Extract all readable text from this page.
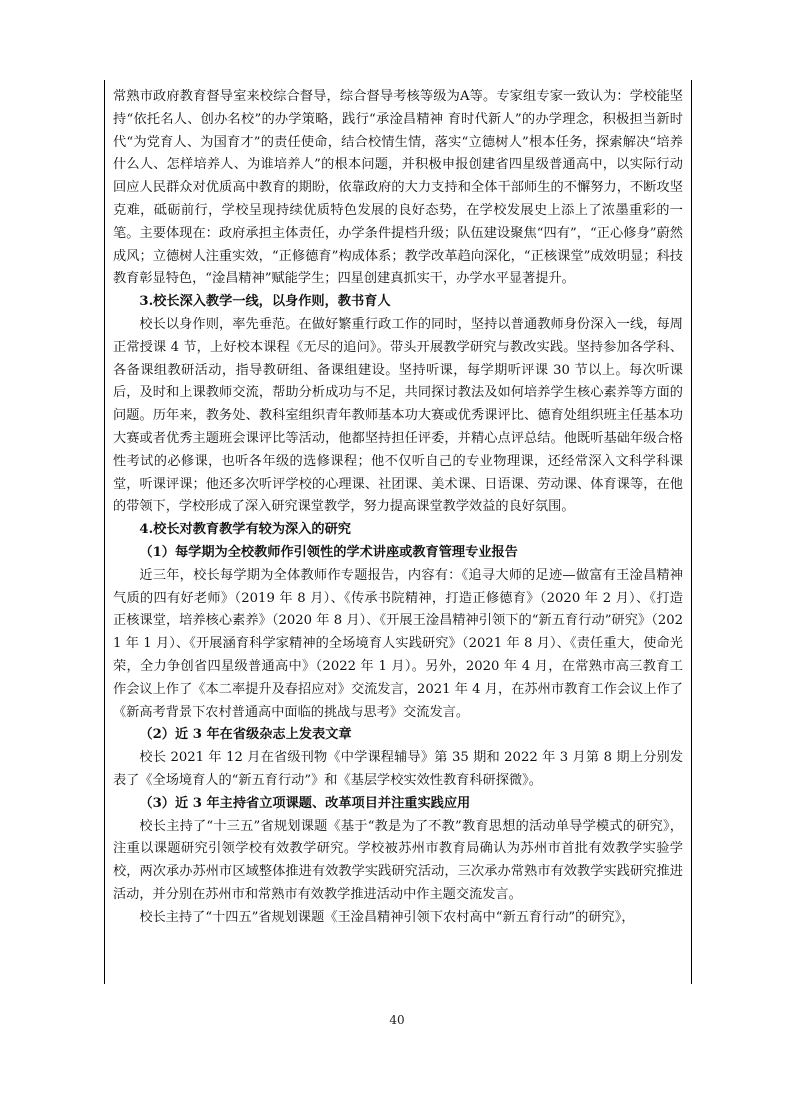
常熟市政府教育督导室来校综合督导，综合督导考核等级为A等。专家组专家一致认为：学校能坚持“依托名人、创办名校”的办学策略，践行“承淦昌精神 育时代新人”的办学理念，积极担当新时代“为党育人、为国育才”的责任使命，结合校情生情，落实“立德树人”根本任务，探索解决“培养什么人、怎样培养人、为谁培养人”的根本问题，并积极申报创建省四星级普通高中，以实际行动回应人民群众对优质高中教育的期盼，依靠政府的大力支持和全体干部师生的不懈努力，不断攻坚克难，砥砺前行，学校呈现持续优质特色发展的良好态势，在学校发展史上添上了浓墨重彩的一笔。主要体现在：政府承担主体责任，办学条件提档升级；队伍建设聚焦“四有”，“正心修身”蔚然成风；立德树人注重实效，“正修德育”构成体系；教学改革趋向深化，“正核课堂”成效明显；科技教育彰显特色，“淦昌精神”赋能学生；四星创建真抓实干，办学水平显著提升。

3.校长深入教学一线，以身作则，教书育人

校长以身作则，率先垂范。在做好繁重行政工作的同时，坚持以普通教师身份深入一线，每周正常授课 4 节，上好校本课程《无尽的追问》。带头开展教学研究与教改实践。坚持参加各学科、各备课组教研活动，指导教研组、备课组建设。坚持听课，每学期听评课 30 节以上。每次听课后，及时和上课教师交流，帮助分析成功与不足，共同探讨教法及如何培养学生核心素养等方面的问题。历年来，教务处、教科室组织青年教师基本功大赛或优秀课评比、德育处组织班主任基本功大赛或者优秀主题班会课评比等活动，他都坚持担任评委，并精心点评总结。他既听基础年级合格性考试的必修课，也听各年级的选修课程；他不仅听自己的专业物理课，还经常深入文科学科课堂，听课评课；他还多次听评学校的心理课、社团课、美术课、日语课、劳动课、体育课等，在他的带领下，学校形成了深入研究课堂教学，努力提高课堂教学效益的良好氛围。

4.校长对教育教学有较为深入的研究

（1）每学期为全校教师作引领性的学术讲座或教育管理专业报告

近三年，校长每学期为全体教师作专题报告，内容有：《追寻大师的足迹—做富有王淦昌精神气质的四有好老师》（2019 年 8 月）、《传承书院精神，打造正修德育》（2020 年 2 月）、《打造正核课堂，培养核心素养》（2020 年 8 月）、《开展王淦昌精神引领下的“新五育行动”研究》（2021 年 1 月）、《开展涵育科学家精神的全场境育人实践研究》（2021 年 8 月）、《责任重大，使命光荣，全力争创省四星级普通高中》（2022 年 1 月）。另外，2020 年 4 月，在常熟市高三教育工作会议上作了《本二率提升及春招应对》交流发言，2021 年 4 月，在苏州市教育工作会议上作了《新高考背景下农村普通高中面临的挑战与思考》交流发言。

（2）近 3 年在省级杂志上发表文章

校长 2021 年 12 月在省级刊物《中学课程辅导》第 35 期和 2022 年 3 月第 8 期上分别发表了《全场境育人的“新五育行动”》和《基层学校实效性教育科研探微》。

（3）近 3 年主持省立项课题、改革项目并注重实践应用

校长主持了“十三五”省规划课题《基于“教是为了不教”教育思想的活动单导学模式的研究》，注重以课题研究引领学校有效教学研究。学校被苏州市教育局确认为苏州市首批有效教学实验学校，两次承办苏州市区域整体推进有效教学实践研究活动，三次承办常熟市有效教学实践研究推进活动，并分别在苏州市和常熟市有效教学推进活动中作主题交流发言。

校长主持了“十四五”省规划课题《王淦昌精神引领下农村高中“新五育行动”的研究》，

40
